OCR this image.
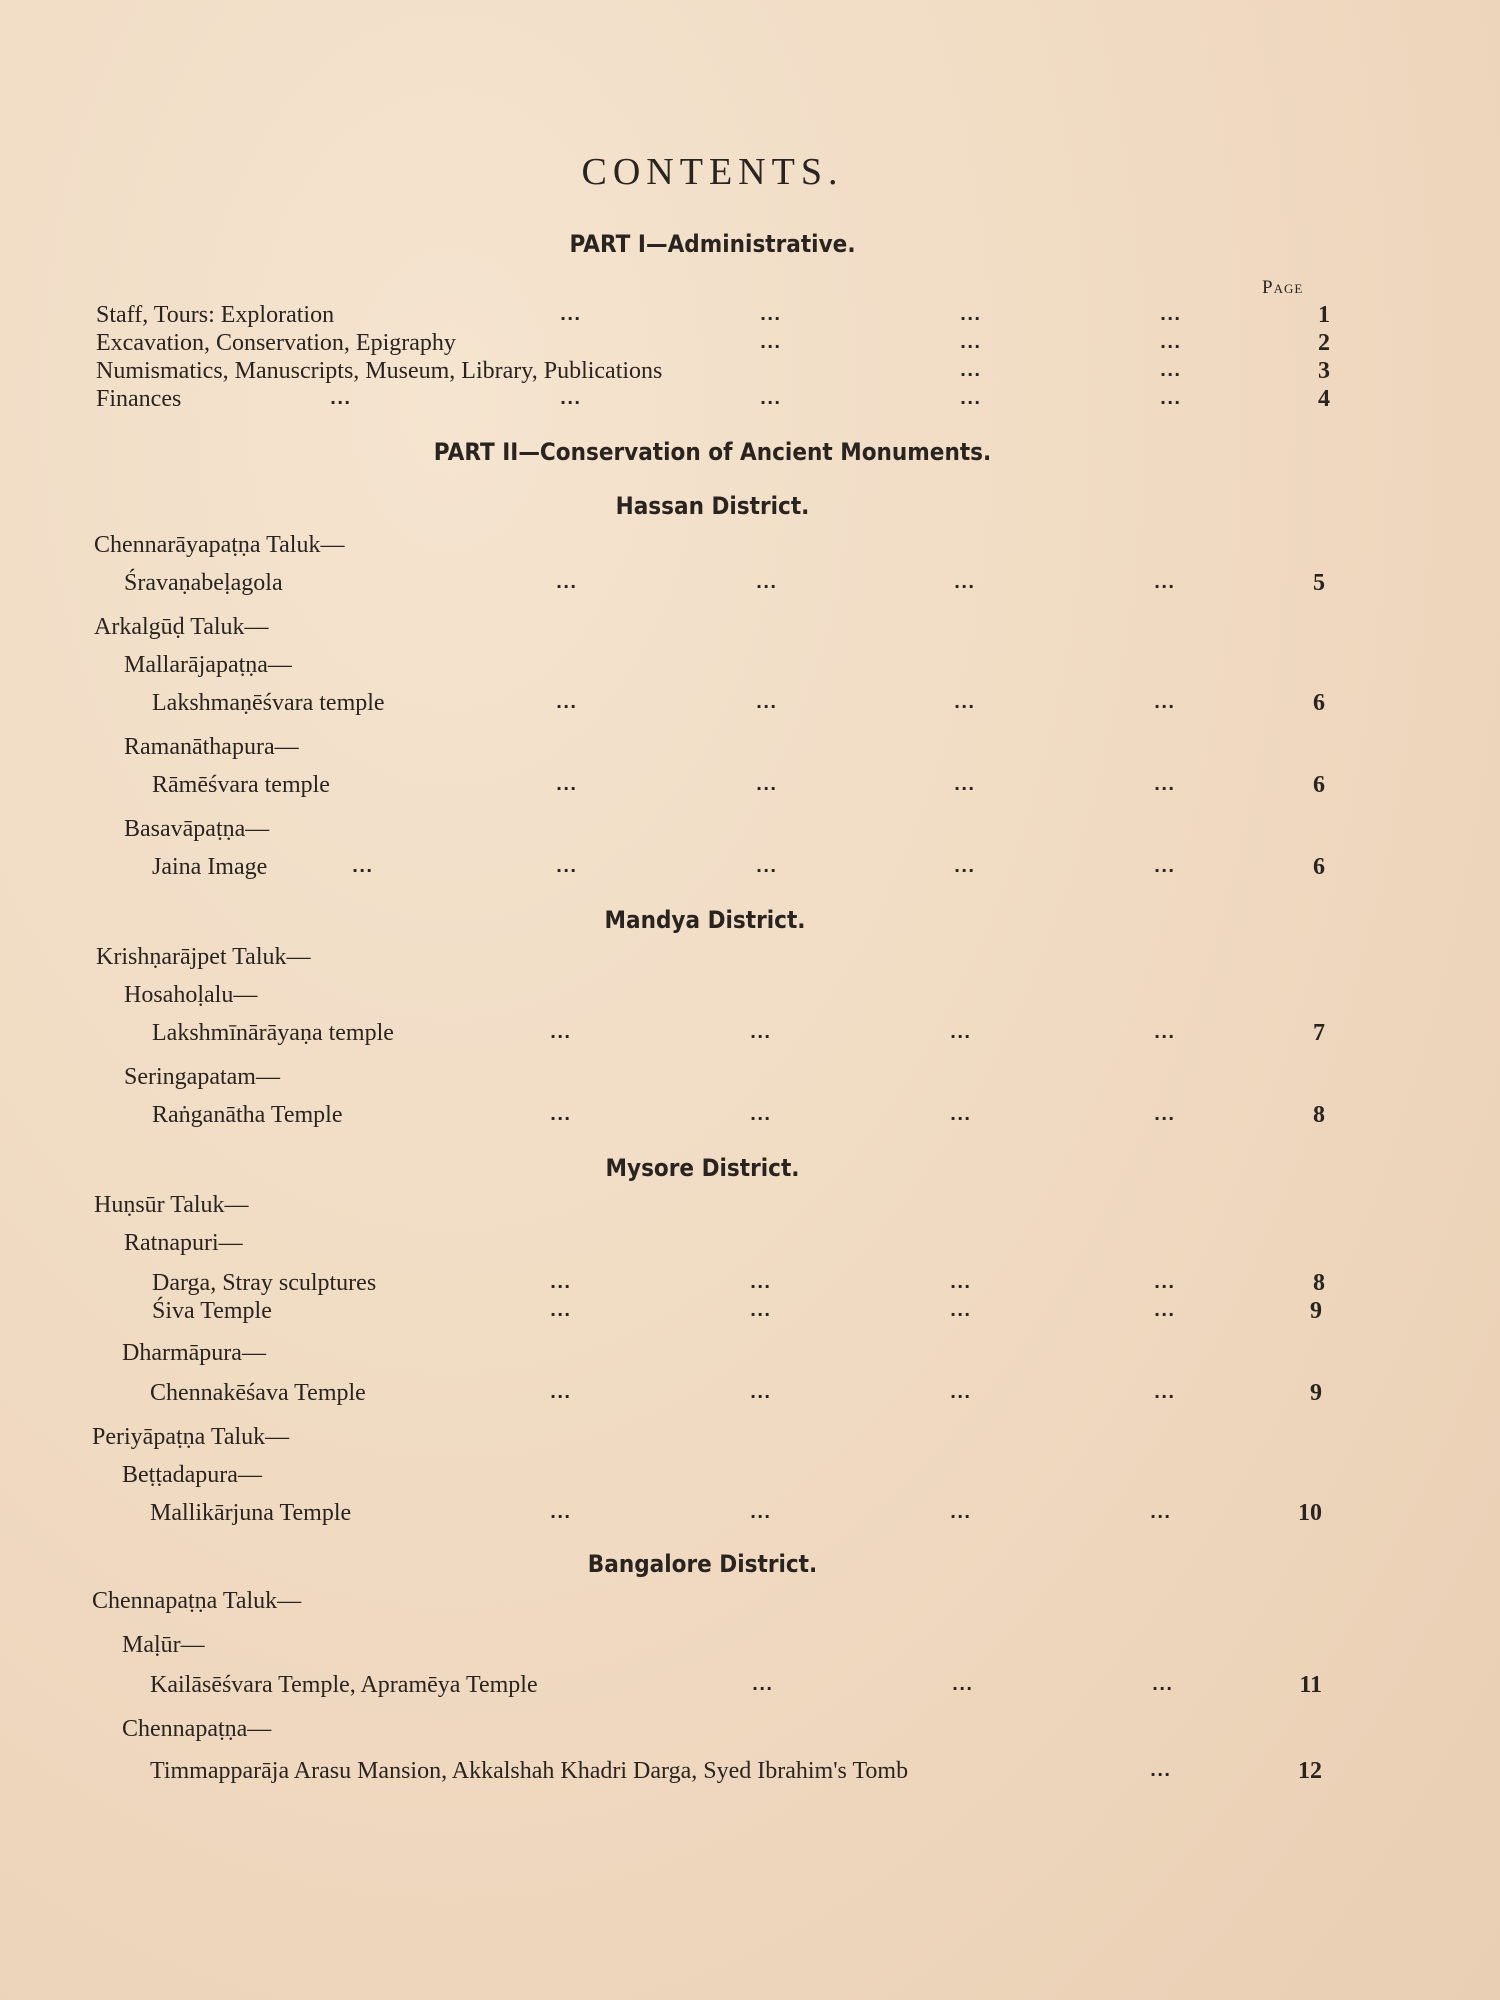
CONTENTS.
PART I—Administrative.
Page
Staff, Tours: Exploration	...	...	...	...	1
Excavation, Conservation, Epigraphy	...	...	...	2
Numismatics, Manuscripts, Museum, Library, Publications	...	...	3
Finances	...	...	...	...	...	4
PART II—Conservation of Ancient Monuments.
Hassan District.
Chennarāyapaṭṇa Taluk—
Śravaṇabeḷagola	...	...	...	...	5
Arkalgūḍ Taluk—
Mallarājapaṭṇa—
Lakshmaṇēśvara temple	...	...	...	...	6
Ramanāthapura—
Rāmēśvara temple	...	...	...	...	6
Basavāpaṭṇa—
Jaina Image	...	...	...	...	...	6
Mandya District.
Krishṇarājpet Taluk—
Hosahoḷalu—
Lakshmīnārāyaṇa temple	...	...	...	...	7
Seringapatam—
Raṅganātha Temple	...	...	...	...	8
Mysore District.
Huṇsūr Taluk—
Ratnapuri—
Darga, Stray sculptures	...	...	...	...	8
Śiva Temple	...	...	...	...	9
Dharmāpura—
Chennakēśava Temple	...	...	...	...	9
Periyāpaṭṇa Taluk—
Beṭṭadapura—
Mallikārjuna Temple	...	...	...	...	10
Bangalore District.
Chennapaṭṇa Taluk—
Maḷūr—
Kailāsēśvara Temple, Apramēya Temple	...	...	...	11
Chennapaṭṇa—
Timmapparāja Arasu Mansion, Akkalshah Khadri Darga, Syed Ibrahim's Tomb	...	12
